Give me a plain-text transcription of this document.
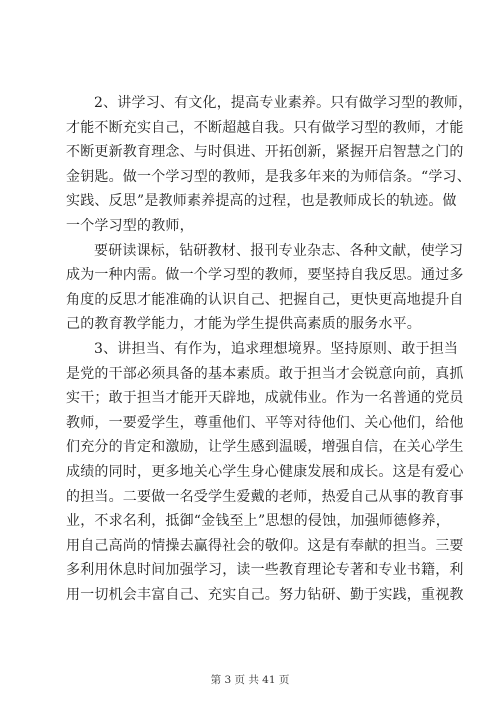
2、讲学习、有文化，提高专业素养。只有做学习型的教师，
才能不断充实自己，不断超越自我。只有做学习型的教师，才能
不断更新教育理念、与时俱进、开拓创新，紧握开启智慧之门的
金钥匙。做一个学习型的教师，是我多年来的为师信条。“学习、
实践、反思”是教师素养提高的过程，也是教师成长的轨迹。做
一个学习型的教师，
要研读课标，钻研教材、报刊专业杂志、各种文献，使学习
成为一种内需。做一个学习型的教师，要坚持自我反思。通过多
角度的反思才能准确的认识自己、把握自己，更快更高地提升自
己的教育教学能力，才能为学生提供高素质的服务水平。
3、讲担当、有作为，追求理想境界。坚持原则、敢于担当
是党的干部必须具备的基本素质。敢于担当才会锐意向前，真抓
实干；敢于担当才能开天辟地，成就伟业。作为一名普通的党员
教师，一要爱学生，尊重他们、平等对待他们、关心他们，给他
们充分的肯定和激励，让学生感到温暖，增强自信，在关心学生
成绩的同时，更多地关心学生身心健康发展和成长。这是有爱心
的担当。二要做一名受学生爱戴的老师，热爱自己从事的教育事
业，不求名利，抵御“金钱至上”思想的侵蚀，加强师德修养，
用自己高尚的情操去赢得社会的敬仰。这是有奉献的担当。三要
多利用休息时间加强学习，读一些教育理论专著和专业书籍，利
用一切机会丰富自己、充实自己。努力钻研、勤于实践，重视教
第 3 页 共 41 页
